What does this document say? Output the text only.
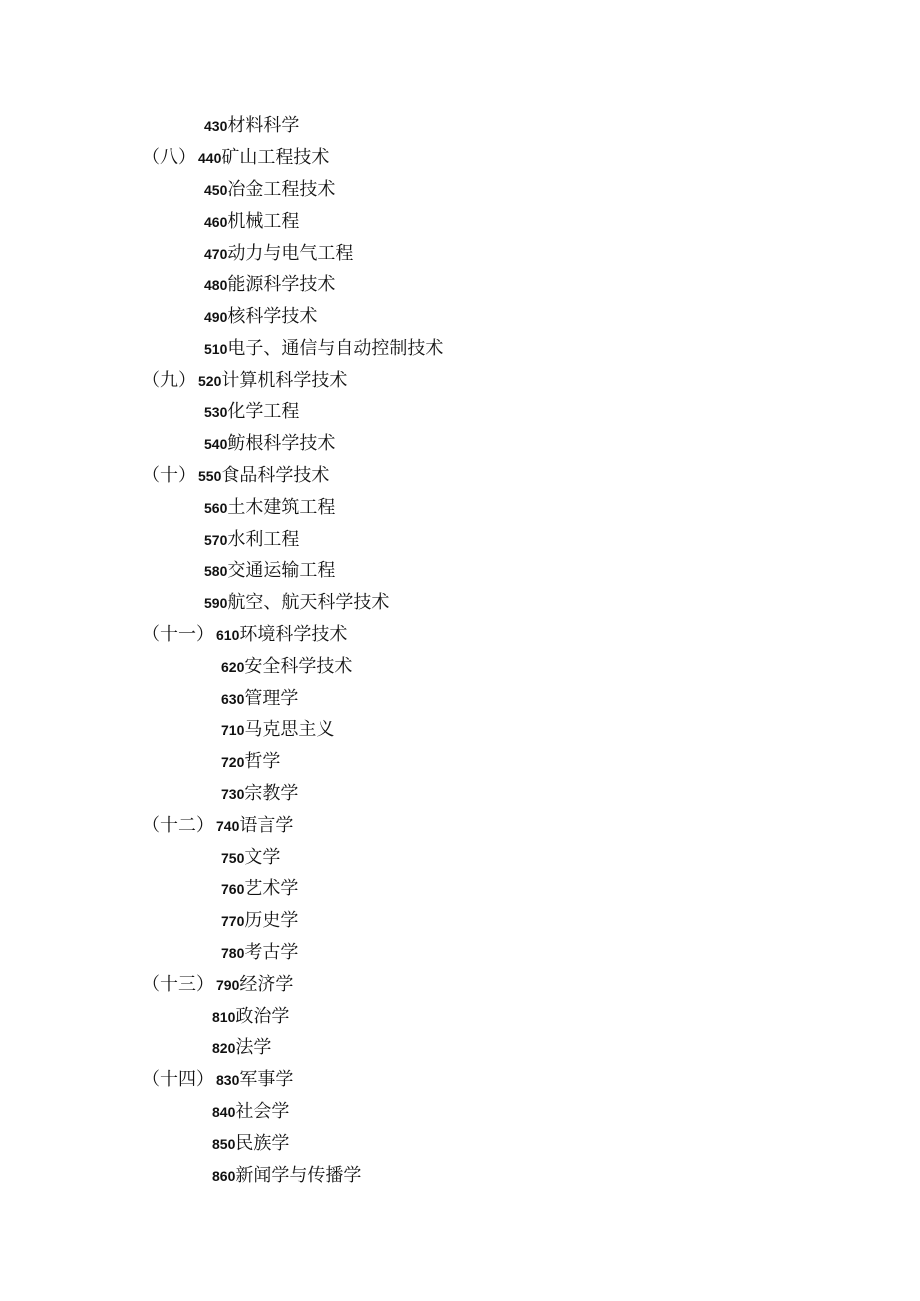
430材料科学
（八） 440矿山工程技术
450冶金工程技术
460机械工程
470动力与电气工程
480能源科学技术
490核科学技术
510电子、通信与自动控制技术
（九） 520计算机科学技术
530化学工程
540鲂根科学技术
（十） 550食品科学技术
560土木建筑工程
570水利工程
580交通运输工程
590航空、航天科学技术
（十一） 610环境科学技术
620安全科学技术
630管理学
710马克思主义
720哲学
730宗教学
（十二） 740语言学
750文学
760艺术学
770历史学
780考古学
（十三） 790经济学
810政治学
820法学
（十四） 830军事学
840社会学
850民族学
860新闻学与传播学
